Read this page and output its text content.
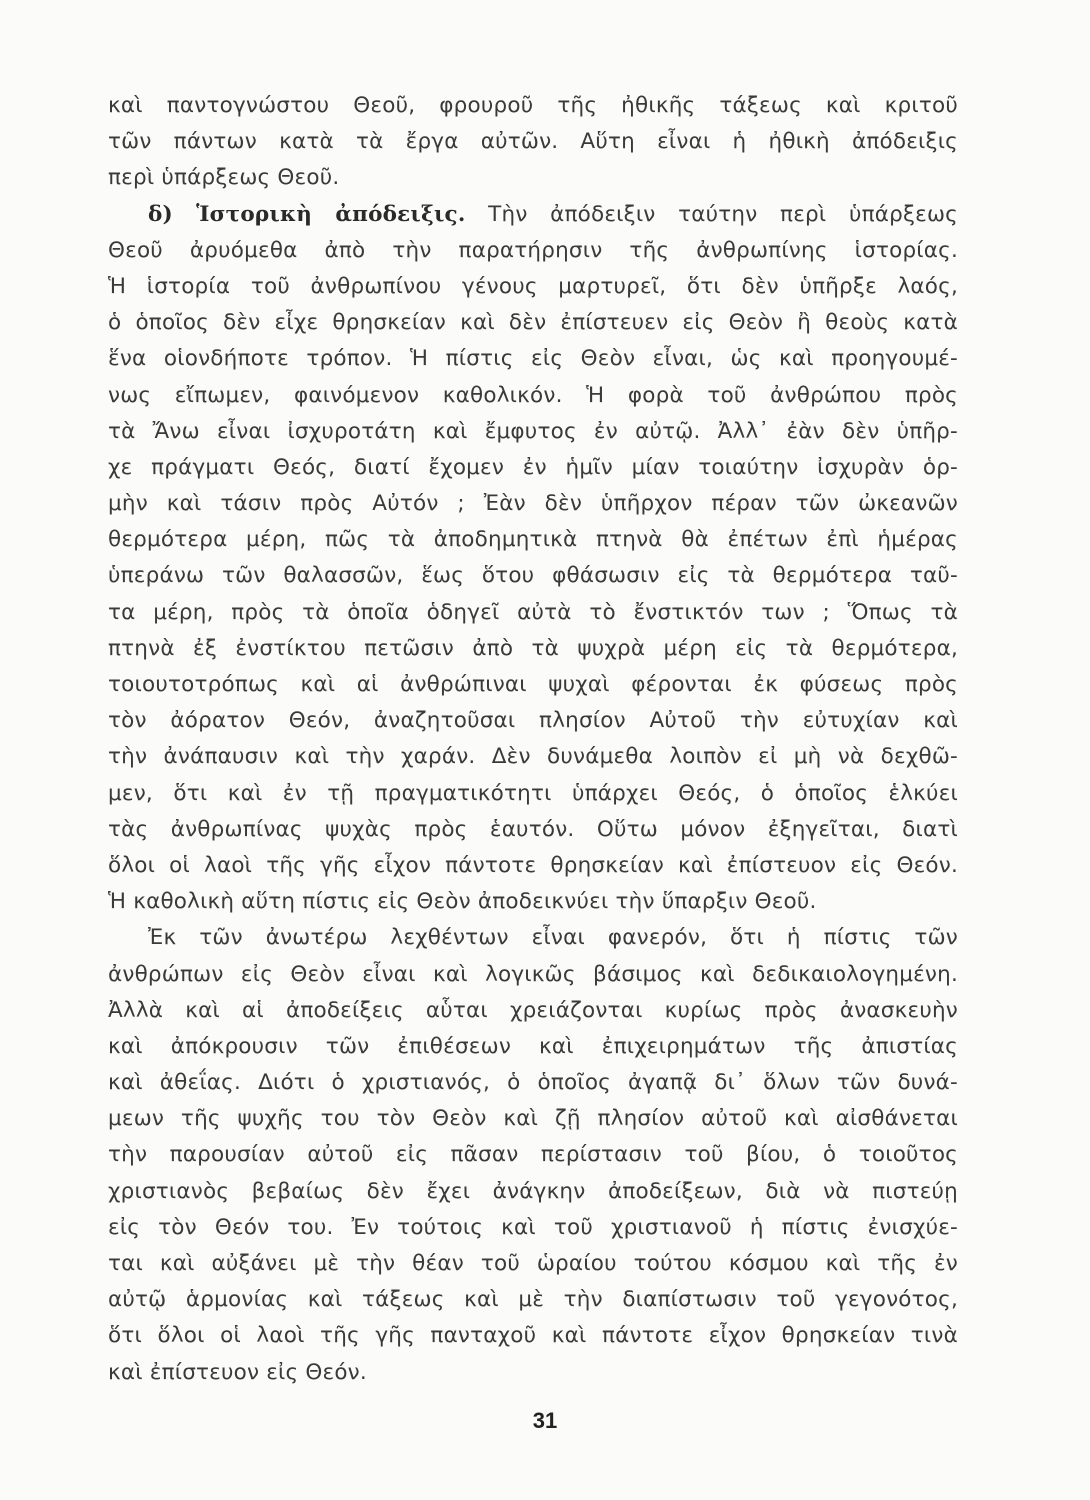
καὶ παντογνώστου Θεοῦ, φρουροῦ τῆς ἠθικῆς τάξεως καὶ κριτοῦ
τῶν πάντων κατὰ τὰ ἔργα αὐτῶν. Αὕτη εἶναι ἡ ἠθικὴ ἀπόδειξις
περὶ ὑπάρξεως Θεοῦ.
δ) Ἱστορικὴ ἀπόδειξις. Τὴν ἀπόδειξιν ταύτην περὶ ὑπάρξεως
Θεοῦ ἀρυόμεθα ἀπὸ τὴν παρατήρησιν τῆς ἀνθρωπίνης ἱστορίας.
Ἡ ἱστορία τοῦ ἀνθρωπίνου γένους μαρτυρεῖ, ὅτι δὲν ὑπῆρξε λαός,
ὁ ὁποῖος δὲν εἶχε θρησκείαν καὶ δὲν ἐπίστευεν εἰς Θεὸν ἢ θεοὺς κατὰ
ἕνα οἱονδήποτε τρόπον. Ἡ πίστις εἰς Θεὸν εἶναι, ὡς καὶ προηγουμέ-
νως εἴπωμεν, φαινόμενον καθολικόν. Ἡ φορὰ τοῦ ἀνθρώπου πρὸς
τὰ Ἄνω εἶναι ἰσχυροτάτη καὶ ἔμφυτος ἐν αὐτῷ. Ἀλλ᾿ ἐὰν δὲν ὑπῆρ-
χε πράγματι Θεός, διατί ἔχομεν ἐν ἡμῖν μίαν τοιαύτην ἰσχυρὰν ὁρ-
μὴν καὶ τάσιν πρὸς Αὐτόν ; Ἐὰν δὲν ὑπῆρχον πέραν τῶν ὠκεανῶν
θερμότερα μέρη, πῶς τὰ ἀποδημητικὰ πτηνὰ θὰ ἐπέτων ἐπὶ ἡμέρας
ὑπεράνω τῶν θαλασσῶν, ἕως ὅτου φθάσωσιν εἰς τὰ θερμότερα ταῦ-
τα μέρη, πρὸς τὰ ὁποῖα ὁδηγεῖ αὐτὰ τὸ ἔνστικτόν των ; Ὅπως τὰ
πτηνὰ ἐξ ἐνστίκτου πετῶσιν ἀπὸ τὰ ψυχρὰ μέρη εἰς τὰ θερμότερα,
τοιουτοτρόπως καὶ αἱ ἀνθρώπιναι ψυχαὶ φέρονται ἐκ φύσεως πρὸς
τὸν ἀόρατον Θεόν, ἀναζητοῦσαι πλησίον Αὐτοῦ τὴν εὐτυχίαν καὶ
τὴν ἀνάπαυσιν καὶ τὴν χαράν. Δὲν δυνάμεθα λοιπὸν εἰ μὴ νὰ δεχθῶ-
μεν, ὅτι καὶ ἐν τῇ πραγματικότητι ὑπάρχει Θεός, ὁ ὁποῖος ἑλκύει
τὰς ἀνθρωπίνας ψυχὰς πρὸς ἑαυτόν. Οὕτω μόνον ἐξηγεῖται, διατὶ
ὅλοι οἱ λαοὶ τῆς γῆς εἶχον πάντοτε θρησκείαν καὶ ἐπίστευον εἰς Θεόν.
Ἡ καθολικὴ αὕτη πίστις εἰς Θεὸν ἀποδεικνύει τὴν ὕπαρξιν Θεοῦ.
Ἐκ τῶν ἀνωτέρω λεχθέντων εἶναι φανερόν, ὅτι ἡ πίστις τῶν
ἀνθρώπων εἰς Θεὸν εἶναι καὶ λογικῶς βάσιμος καὶ δεδικαιολογημένη.
Ἀλλὰ καὶ αἱ ἀποδείξεις αὗται χρειάζονται κυρίως πρὸς ἀνασκευὴν
καὶ ἀπόκρουσιν τῶν ἐπιθέσεων καὶ ἐπιχειρημάτων τῆς ἀπιστίας
καὶ ἀθεΐας. Διότι ὁ χριστιανός, ὁ ὁποῖος ἀγαπᾷ δι᾿ ὅλων τῶν δυνά-
μεων τῆς ψυχῆς του τὸν Θεὸν καὶ ζῇ πλησίον αὐτοῦ καὶ αἰσθάνεται
τὴν παρουσίαν αὐτοῦ εἰς πᾶσαν περίστασιν τοῦ βίου, ὁ τοιοῦτος
χριστιανὸς βεβαίως δὲν ἔχει ἀνάγκην ἀποδείξεων, διὰ νὰ πιστεύῃ
εἰς τὸν Θεόν του. Ἐν τούτοις καὶ τοῦ χριστιανοῦ ἡ πίστις ἐνισχύε-
ται καὶ αὐξάνει μὲ τὴν θέαν τοῦ ὡραίου τούτου κόσμου καὶ τῆς ἐν
αὐτῷ ἁρμονίας καὶ τάξεως καὶ μὲ τὴν διαπίστωσιν τοῦ γεγονότος,
ὅτι ὅλοι οἱ λαοὶ τῆς γῆς πανταχοῦ καὶ πάντοτε εἶχον θρησκείαν τινὰ
καὶ ἐπίστευον εἰς Θεόν.
31
